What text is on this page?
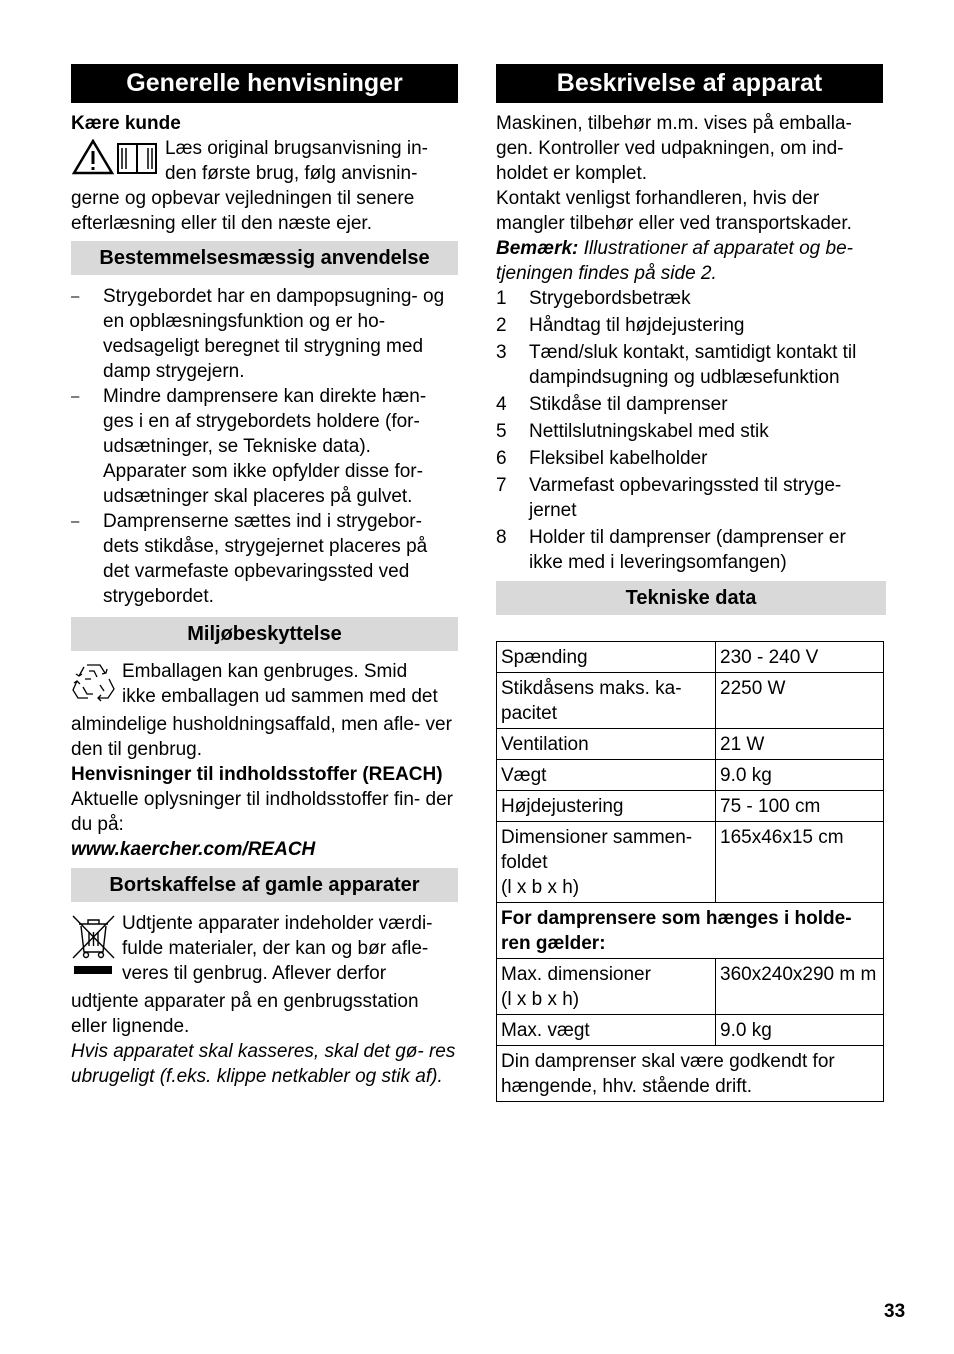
Generelle henvisninger

Kære kunde

Læs original brugsanvisning in-

den første brug, følg anvisnin-

gerne og opbevar vejledningen til senere efterlæsning eller til den næste ejer.

Bestemmelsesmæssig anvendelse
– Strygebordet har en dampopsugning- og en opblæsningsfunktion og er ho- vedsageligt beregnet til strygning med damp strygejern.
– Mindre damprensere kan direkte hæn- ges i en af strygebordets holdere (for- udsætninger, se Tekniske data). Apparater som ikke opfylder disse for- udsætninger skal placeres på gulvet.
– Damprenserne sættes ind i strygebor- dets stikdåse, strygejernet placeres på det varmefaste opbevaringssted ved strygebordet.
Miljøbeskyttelse

Emballagen kan genbruges. Smid

ikke emballagen ud sammen med det

almindelige husholdningsaffald, men afle- ver den til genbrug.

Henvisninger til indholdsstoffer (REACH)

Aktuelle oplysninger til indholdsstoffer fin- der du på:

www.kaercher.com/REACH

Bortskaffelse af gamle apparater

Udtjente apparater indeholder værdi-

fulde materialer, der kan og bør afle-

veres til genbrug. Aflever derfor

udtjente apparater på en genbrugsstation eller lignende.

Hvis apparatet skal kasseres, skal det gø- res ubrugeligt (f.eks. klippe netkabler og stik af).

Beskrivelse af apparat

Maskinen, tilbehør m.m. vises på emballa- gen. Kontroller ved udpakningen, om ind- holdet er komplet.

Kontakt venligst forhandleren, hvis der mangler tilbehør eller ved transportskader.

Bemærk: Illustrationer af apparatet og be- tjeningen findes på side 2.

1 Strygebordsbetræk
2 Håndtag til højdejustering
3 Tænd/sluk kontakt, samtidigt kontakt til dampindsugning og udblæsefunktion
4 Stikdåse til damprenser
5 Nettilslutningskabel med stik
6 Fleksibel kabelholder
7 Varmefast opbevaringssted til stryge- jernet
8 Holder til damprenser (damprenser er ikke med i leveringsomfangen)
Tekniske data
Spænding	230 - 240 V
Stikdåsens maks. ka- pacitet	2250 W
Ventilation	21 W
Vægt	9.0 kg
Højdejustering	75 - 100 cm

Dimensioner sammen- foldet
(l x b x h)	165x46x15 cm
For damprensere som hænges i holde- ren gælder:	

Max. dimensioner
(l x b x h)	360x240x290 m m
Max. vægt	9.0 kg
Din damprenser skal være godkendt for hængende, hhv. stående drift.	
33
